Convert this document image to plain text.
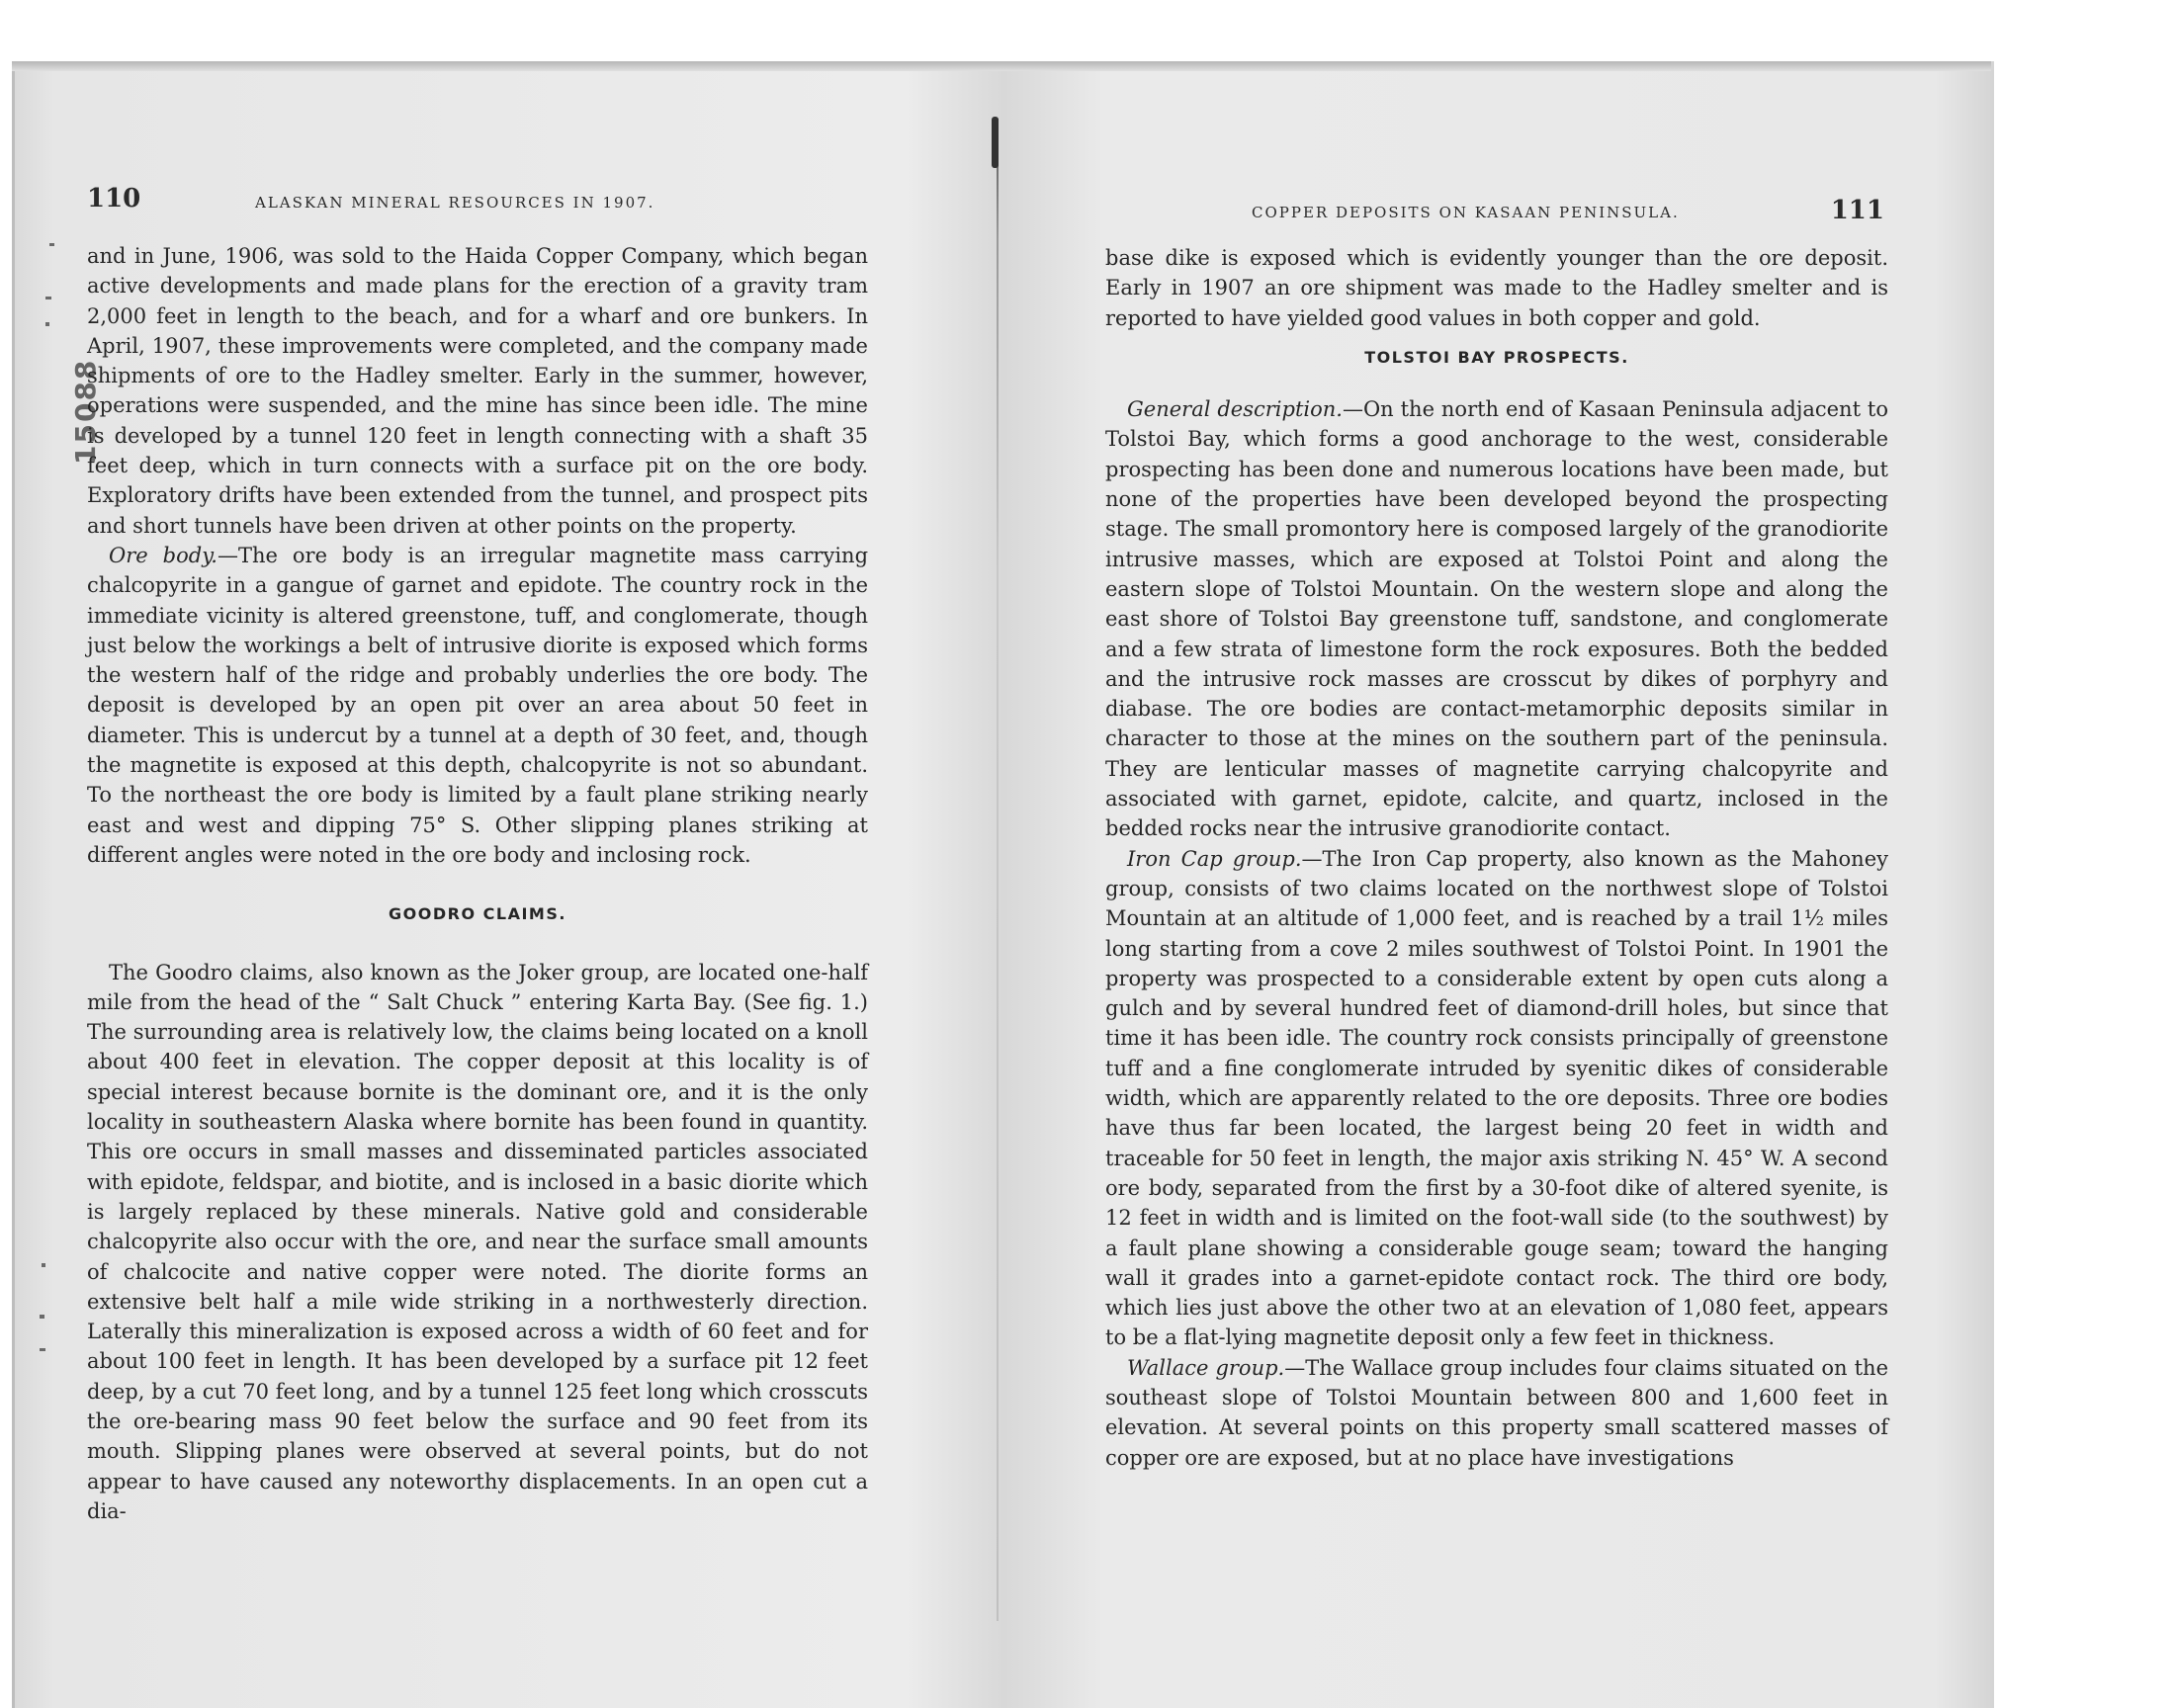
15088
110	ALASKAN MINERAL RESOURCES IN 1907.

and in June, 1906, was sold to the Haida Copper Company, which began active developments and made plans for the erection of a gravity tram 2,000 feet in length to the beach, and for a wharf and ore bunkers. In April, 1907, these improvements were completed, and the company made shipments of ore to the Hadley smelter. Early in the summer, however, operations were suspended, and the mine has since been idle. The mine is developed by a tunnel 120 feet in length connecting with a shaft 35 feet deep, which in turn connects with a surface pit on the ore body. Exploratory drifts have been extended from the tunnel, and prospect pits and short tunnels have been driven at other points on the property.

Ore body.—The ore body is an irregular magnetite mass carrying chalcopyrite in a gangue of garnet and epidote. The country rock in the immediate vicinity is altered greenstone, tuff, and conglomerate, though just below the workings a belt of intrusive diorite is exposed which forms the western half of the ridge and probably underlies the ore body. The deposit is developed by an open pit over an area about 50 feet in diameter. This is undercut by a tunnel at a depth of 30 feet, and, though the magnetite is exposed at this depth, chalcopyrite is not so abundant. To the northeast the ore body is limited by a fault plane striking nearly east and west and dipping 75° S. Other slipping planes striking at different angles were noted in the ore body and inclosing rock.

GOODRO CLAIMS.

The Goodro claims, also known as the Joker group, are located one-half mile from the head of the “ Salt Chuck ” entering Karta Bay. (See fig. 1.) The surrounding area is relatively low, the claims being located on a knoll about 400 feet in elevation. The copper deposit at this locality is of special interest because bornite is the dominant ore, and it is the only locality in southeastern Alaska where bornite has been found in quantity. This ore occurs in small masses and disseminated particles associated with epidote, feldspar, and biotite, and is inclosed in a basic diorite which is largely replaced by these minerals. Native gold and considerable chalcopyrite also occur with the ore, and near the surface small amounts of chalcocite and native copper were noted. The diorite forms an extensive belt half a mile wide striking in a northwesterly direction. Laterally this mineralization is exposed across a width of 60 feet and for about 100 feet in length. It has been developed by a surface pit 12 feet deep, by a cut 70 feet long, and by a tunnel 125 feet long which crosscuts the ore-bearing mass 90 feet below the surface and 90 feet from its mouth. Slipping planes were observed at several points, but do not appear to have caused any noteworthy displacements. In an open cut a dia-

COPPER DEPOSITS ON KASAAN PENINSULA.	111

base dike is exposed which is evidently younger than the ore deposit. Early in 1907 an ore shipment was made to the Hadley smelter and is reported to have yielded good values in both copper and gold.

TOLSTOI BAY PROSPECTS.

General description.—On the north end of Kasaan Peninsula adjacent to Tolstoi Bay, which forms a good anchorage to the west, considerable prospecting has been done and numerous locations have been made, but none of the properties have been developed beyond the prospecting stage. The small promontory here is composed largely of the granodiorite intrusive masses, which are exposed at Tolstoi Point and along the eastern slope of Tolstoi Mountain. On the western slope and along the east shore of Tolstoi Bay greenstone tuff, sandstone, and conglomerate and a few strata of limestone form the rock exposures. Both the bedded and the intrusive rock masses are crosscut by dikes of porphyry and diabase. The ore bodies are contact-metamorphic deposits similar in character to those at the mines on the southern part of the peninsula. They are lenticular masses of magnetite carrying chalcopyrite and associated with garnet, epidote, calcite, and quartz, inclosed in the bedded rocks near the intrusive granodiorite contact.

Iron Cap group.—The Iron Cap property, also known as the Mahoney group, consists of two claims located on the northwest slope of Tolstoi Mountain at an altitude of 1,000 feet, and is reached by a trail 1½ miles long starting from a cove 2 miles southwest of Tolstoi Point. In 1901 the property was prospected to a considerable extent by open cuts along a gulch and by several hundred feet of diamond-drill holes, but since that time it has been idle. The country rock consists principally of greenstone tuff and a fine conglomerate intruded by syenitic dikes of considerable width, which are apparently related to the ore deposits. Three ore bodies have thus far been located, the largest being 20 feet in width and traceable for 50 feet in length, the major axis striking N. 45° W. A second ore body, separated from the first by a 30-foot dike of altered syenite, is 12 feet in width and is limited on the foot-wall side (to the southwest) by a fault plane showing a considerable gouge seam; toward the hanging wall it grades into a garnet-epidote contact rock. The third ore body, which lies just above the other two at an elevation of 1,080 feet, appears to be a flat-lying magnetite deposit only a few feet in thickness.

Wallace group.—The Wallace group includes four claims situated on the southeast slope of Tolstoi Mountain between 800 and 1,600 feet in elevation. At several points on this property small scattered masses of copper ore are exposed, but at no place have investigations
